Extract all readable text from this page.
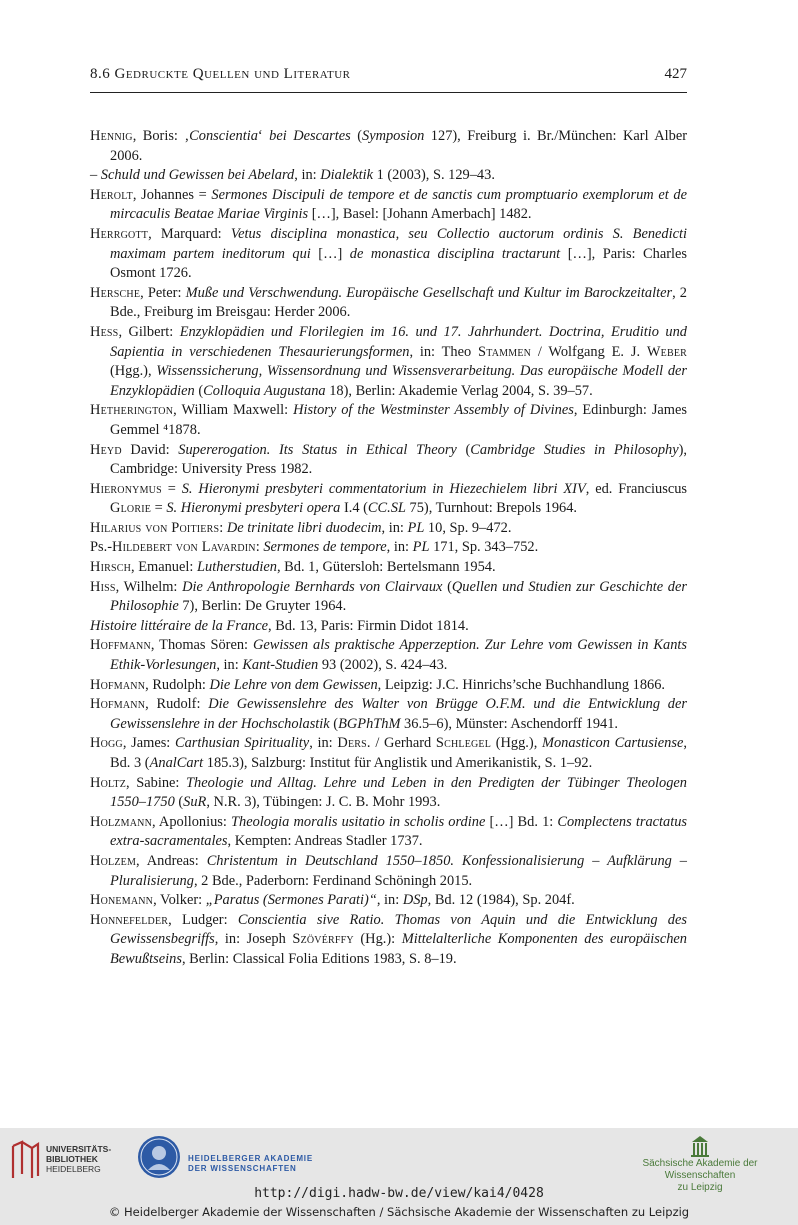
8.6 Gedruckte Quellen und Literatur	427

Hennig, Boris: ‚Conscientia‘ bei Descartes (Symposion 127), Freiburg i. Br./München: Karl Alber 2006.

– Schuld und Gewissen bei Abelard, in: Dialektik 1 (2003), S. 129–43.

Herolt, Johannes = Sermones Discipuli de tempore et de sanctis cum promptuario exemplorum et de mircaculis Beatae Mariae Virginis […], Basel: [Johann Amerbach] 1482.

Herrgott, Marquard: Vetus disciplina monastica, seu Collectio auctorum ordinis S. Benedicti maximam partem ineditorum qui […] de monastica disciplina tractarunt […], Paris: Charles Osmont 1726.

Hersche, Peter: Muße und Verschwendung. Europäische Gesellschaft und Kultur im Barockzeitalter, 2 Bde., Freiburg im Breisgau: Herder 2006.

Hess, Gilbert: Enzyklopädien und Florilegien im 16. und 17. Jahrhundert. Doctrina, Eruditio und Sapientia in verschiedenen Thesaurierungsformen, in: Theo Stammen / Wolfgang E. J. Weber (Hgg.), Wissenssicherung, Wissensordnung und Wissensverarbeitung. Das europäische Modell der Enzyklopädien (Colloquia Augustana 18), Berlin: Akademie Verlag 2004, S. 39–57.

Hetherington, William Maxwell: History of the Westminster Assembly of Divines, Edinburgh: James Gemmel ⁴1878.

Heyd David: Supererogation. Its Status in Ethical Theory (Cambridge Studies in Philosophy), Cambridge: University Press 1982.

Hieronymus = S. Hieronymi presbyteri commentatorium in Hiezechielem libri XIV, ed. Franciuscus Glorie = S. Hieronymi presbyteri opera I.4 (CC.SL 75), Turnhout: Brepols 1964.

Hilarius von Poitiers: De trinitate libri duodecim, in: PL 10, Sp. 9–472.

Ps.-Hildebert von Lavardin: Sermones de tempore, in: PL 171, Sp. 343–752.

Hirsch, Emanuel: Lutherstudien, Bd. 1, Gütersloh: Bertelsmann 1954.

Hiss, Wilhelm: Die Anthropologie Bernhards von Clairvaux (Quellen und Studien zur Geschichte der Philosophie 7), Berlin: De Gruyter 1964.

Histoire littéraire de la France, Bd. 13, Paris: Firmin Didot 1814.

Hoffmann, Thomas Sören: Gewissen als praktische Apperzeption. Zur Lehre vom Gewissen in Kants Ethik-Vorlesungen, in: Kant-Studien 93 (2002), S. 424–43.

Hofmann, Rudolph: Die Lehre von dem Gewissen, Leipzig: J.C. Hinrichs’sche Buchhandlung 1866.

Hofmann, Rudolf: Die Gewissenslehre des Walter von Brügge O.F.M. und die Entwicklung der Gewissenslehre in der Hochscholastik (BGPhThM 36.5–6), Münster: Aschendorff 1941.

Hogg, James: Carthusian Spirituality, in: Ders. / Gerhard Schlegel (Hgg.), Monasticon Cartusiense, Bd. 3 (AnalCart 185.3), Salzburg: Institut für Anglistik und Amerikanistik, S. 1–92.

Holtz, Sabine: Theologie und Alltag. Lehre und Leben in den Predigten der Tübinger Theologen 1550–1750 (SuR, N.R. 3), Tübingen: J. C. B. Mohr 1993.

Holzmann, Apollonius: Theologia moralis usitatio in scholis ordine […] Bd. 1: Complectens tractatus extra-sacramentales, Kempten: Andreas Stadler 1737.

Holzem, Andreas: Christentum in Deutschland 1550–1850. Konfessionalisierung – Aufklärung – Pluralisierung, 2 Bde., Paderborn: Ferdinand Schöningh 2015.

Honemann, Volker: „Paratus (Sermones Parati)“, in: DSp, Bd. 12 (1984), Sp. 204f.

Honnefelder, Ludger: Conscientia sive Ratio. Thomas von Aquin und die Entwicklung des Gewissensbegriffs, in: Joseph Szövérffy (Hg.): Mittelalterliche Komponenten des europäischen Bewußtseins, Berlin: Classical Folia Editions 1983, S. 8–19.

UNIVERSITÄTS-
BIBLIOTHEK
HEIDELBERG
HEIDELBERGER AKADEMIE
DER WISSENSCHAFTEN	Sächsische Akademie der Wissenschaften
zu Leipzig
http://digi.hadw-bw.de/view/kai4/0428
© Heidelberger Akademie der Wissenschaften / Sächsische Akademie der Wissenschaften zu Leipzig
